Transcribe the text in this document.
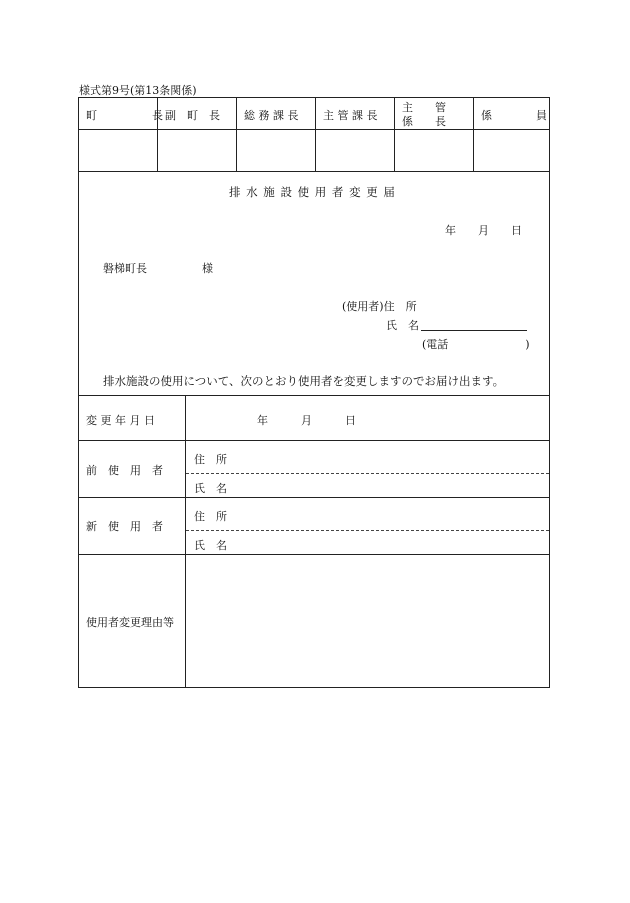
様式第9号(第13条関係)
町　　　　　長 副　町　長 総 務 課 長 主 管 課 長
主　　管
係　　長	係　　　　員
排 水 施 設 使 用 者 変 更 届
年　　月　　日
磐梯町長　　　　　様
(使用者)住　所
氏　名
(電話　　　　　　　)
排水施設の使用について、次のとおり使用者を変更しますのでお届け出ます。
変 更 年 月 日	年　　　月　　　日
前　使　用　者
住　所
氏　名
新　使　用　者
住　所
氏　名
使用者変更理由等
